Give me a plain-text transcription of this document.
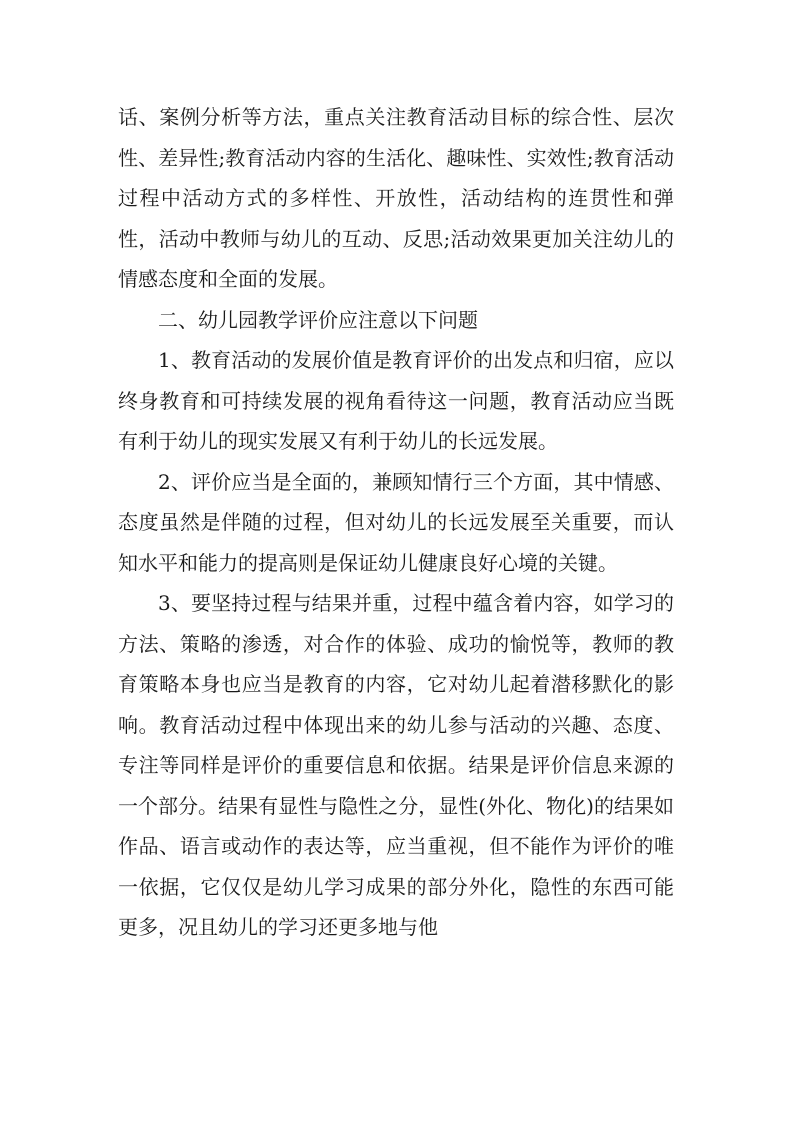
话、案例分析等方法，重点关注教育活动目标的综合性、层次性、差异性;教育活动内容的生活化、趣味性、实效性;教育活动过程中活动方式的多样性、开放性，活动结构的连贯性和弹性，活动中教师与幼儿的互动、反思;活动效果更加关注幼儿的情感态度和全面的发展。

二、幼儿园教学评价应注意以下问题

1、教育活动的发展价值是教育评价的出发点和归宿，应以终身教育和可持续发展的视角看待这一问题，教育活动应当既有利于幼儿的现实发展又有利于幼儿的长远发展。

2、评价应当是全面的，兼顾知情行三个方面，其中情感、态度虽然是伴随的过程，但对幼儿的长远发展至关重要，而认知水平和能力的提高则是保证幼儿健康良好心境的关键。

3、要坚持过程与结果并重，过程中蕴含着内容，如学习的方法、策略的渗透，对合作的体验、成功的愉悦等，教师的教育策略本身也应当是教育的内容，它对幼儿起着潜移默化的影响。教育活动过程中体现出来的幼儿参与活动的兴趣、态度、专注等同样是评价的重要信息和依据。结果是评价信息来源的一个部分。结果有显性与隐性之分，显性(外化、物化)的结果如作品、语言或动作的表达等，应当重视，但不能作为评价的唯一依据，它仅仅是幼儿学习成果的部分外化，隐性的东西可能更多，况且幼儿的学习还更多地与他
